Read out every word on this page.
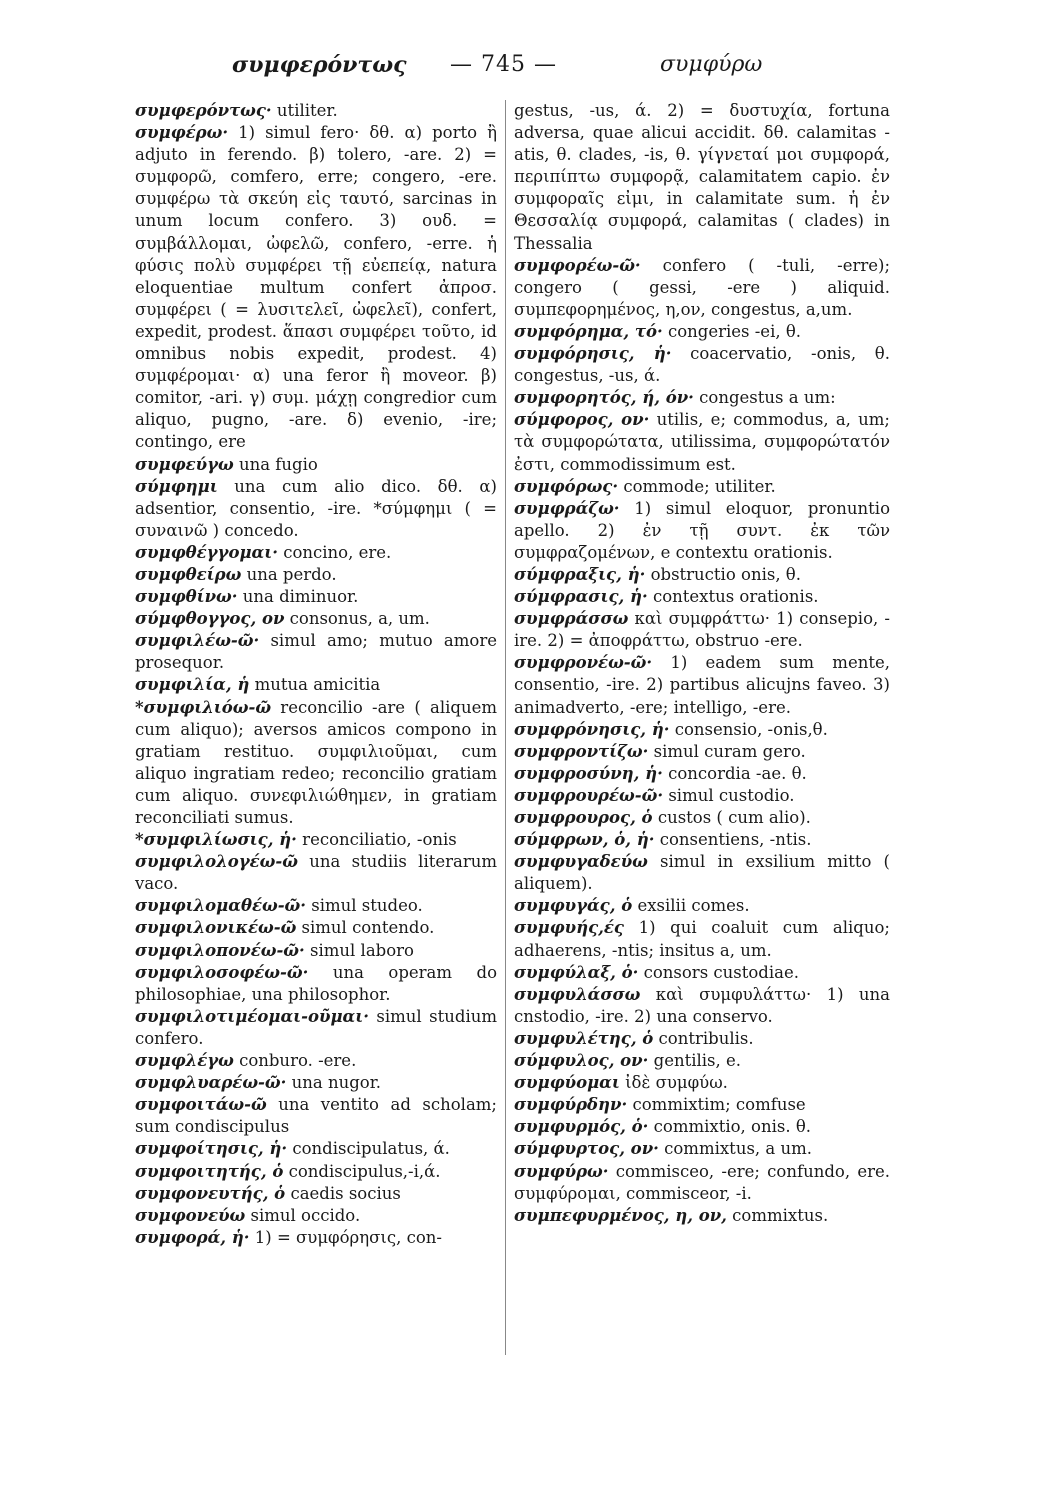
συμφερόντως — 745 —	συμφύρω

συμφερόντως· utiliter.

συμφέρω· 1) simul fero· δθ. α) porto ἢ adjuto in ferendo. β) tolero, -are. 2) = συμφορῶ, comfero, erre; congero, -ere. συμφέρω τὰ σκεύη εἰς ταυτό, sarcinas in unum locum confero. 3) ουδ. = συμβάλλομαι, ὠφελῶ, confero, -erre. ἡ φύσις πολὺ συμφέρει τῇ εὐεπείᾳ, natura eloquentiae multum confert ἀπροσ. συμφέρει ( = λυσιτελεῖ, ὠφελεῖ), confert, expedit, prodest. ἅπασι συμφέρει τοῦτο, id omnibus nobis expedit, prodest. 4) συμφέρομαι· α) una feror ἢ moveor. β) comitor, -ari. γ) συμ. μάχῃ congredior cum aliquo, pugno, -are. δ) evenio, -ire; contingo, ere

συμφεύγω una fugio

σύμφημι una cum alio dico. δθ. α) adsentior, consentio, -ire. *σύμφημι ( = συναινῶ ) concedo.

συμφθέγγομαι· concino, ere.

συμφθείρω una perdo.

συμφθίνω· una diminuor.

σύμφθογγος, ον consonus, a, um.

συμφιλέω-ῶ· simul amo; mutuo amore prosequor.

συμφιλία, ἡ mutua amicitia

*συμφιλιόω-ῶ reconcilio -are ( aliquem cum aliquo); aversos amicos compono in gratiam restituo. συμφιλιοῦμαι, cum aliquo ingratiam redeo; reconcilio gratiam cum aliquo. συνεφιλιώθημεν, in gratiam reconciliati sumus.

*συμφιλίωσις, ἡ· reconciliatio, -onis

συμφιλολογέω-ῶ una studiis literarum vaco.

συμφιλομαθέω-ῶ· simul studeo.

συμφιλονικέω-ῶ simul contendo.

συμφιλοπονέω-ῶ· simul laboro

συμφιλοσοφέω-ῶ· una operam do philosophiae, una philosophor.

συμφιλοτιμέομαι-οῦμαι· simul studium confero.

συμφλέγω conburo. -ere.

συμφλυαρέω-ῶ· una nugor.

συμφοιτάω-ῶ una ventito ad scholam; sum condiscipulus

συμφοίτησις, ἡ· condiscipulatus, ά.

συμφοιτητής, ὁ condiscipulus,-i,ά.

συμφονευτής, ὁ caedis socius

συμφονεύω simul occido.

συμφορά, ἡ· 1) = συμφόρησις, con-

gestus, -us, ά. 2) = δυστυχία, fortuna adversa, quae alicui accidit. δθ. calamitas -atis, θ. clades, -is, θ. γίγνεταί μοι συμφορά, περιπίπτω συμφορᾷ, calamitatem capio. ἐν συμφοραῖς εἰμι, in calamitate sum. ἡ ἐν Θεσσαλίᾳ συμφορά, calamitas ( clades) in Thessalia

συμφορέω-ῶ· confero ( -tuli, -erre); congero ( gessi, -ere ) aliquid. συμπεφορημένος, η,ον, congestus, a,um.

συμφόρημα, τό· congeries -ei, θ.

συμφόρησις, ἡ· coacervatio, -onis, θ. congestus, -us, ά.

συμφορητός, ή, όν· congestus a um:

σύμφορος, ον· utilis, e; commodus, a, um; τὰ συμφορώτατα, utilissima, συμφορώτατόν ἐστι, commodissimum est.

συμφόρως· commode; utiliter.

συμφράζω· 1) simul eloquor, pronuntio apello. 2) ἐν τῇ συντ. ἐκ τῶν συμφραζομένων, e contextu orationis.

σύμφραξις, ἡ· obstructio onis, θ.

σύμφρασις, ἡ· contextus orationis.

συμφράσσω καὶ συμφράττω· 1) consepio, -ire. 2) = ἀποφράττω, obstruo -ere.

συμφρονέω-ῶ· 1) eadem sum mente, consentio, -ire. 2) partibus alicujns faveo. 3) animadverto, -ere; intelligo, -ere.

συμφρόνησις, ἡ· consensio, -onis,θ.

συμφροντίζω· simul curam gero.

συμφροσύνη, ἡ· concordia -ae. θ.

συμφρουρέω-ῶ· simul custodio.

συμφρουρος, ὁ custos ( cum alio).

σύμφρων, ὁ, ἡ· consentiens, -ntis.

συμφυγαδεύω simul in exsilium mitto ( aliquem).

συμφυγάς, ὁ exsilii comes.

συμφυής,ές 1) qui coaluit cum aliquo; adhaerens, -ntis; insitus a, um.

συμφύλαξ, ὁ· consors custodiae.

συμφυλάσσω καὶ συμφυλάττω· 1) una cnstodio, -ire. 2) una conservo.

συμφυλέτης, ὁ contribulis.

σύμφυλος, ον· gentilis, e.

συμφύομαι ἰδὲ συμφύω.

συμφύρδην· commixtim; comfuse

συμφυρμός, ὁ· commixtio, onis. θ.

σύμφυρτος, ον· commixtus, a um.

συμφύρω· commisceo, -ere; confundo, ere. συμφύρομαι, commisceor, -i.

συμπεφυρμένος, η, ον, commixtus.
